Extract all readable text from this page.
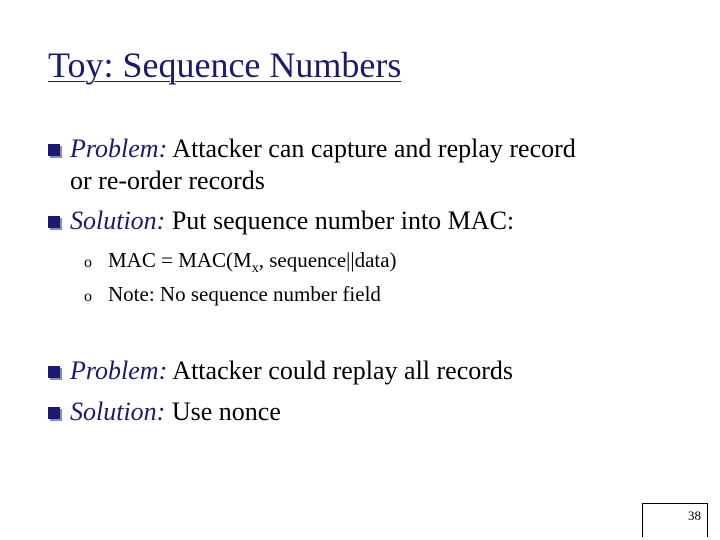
Toy: Sequence Numbers
Problem: Attacker can capture and replay record
or re-order records
Solution: Put sequence number into MAC:
o MAC = $MAC(M_x$, sequence||data)
o Note: No sequence number field
Problem: Attacker could replay all records
Solution: Use nonce
38
